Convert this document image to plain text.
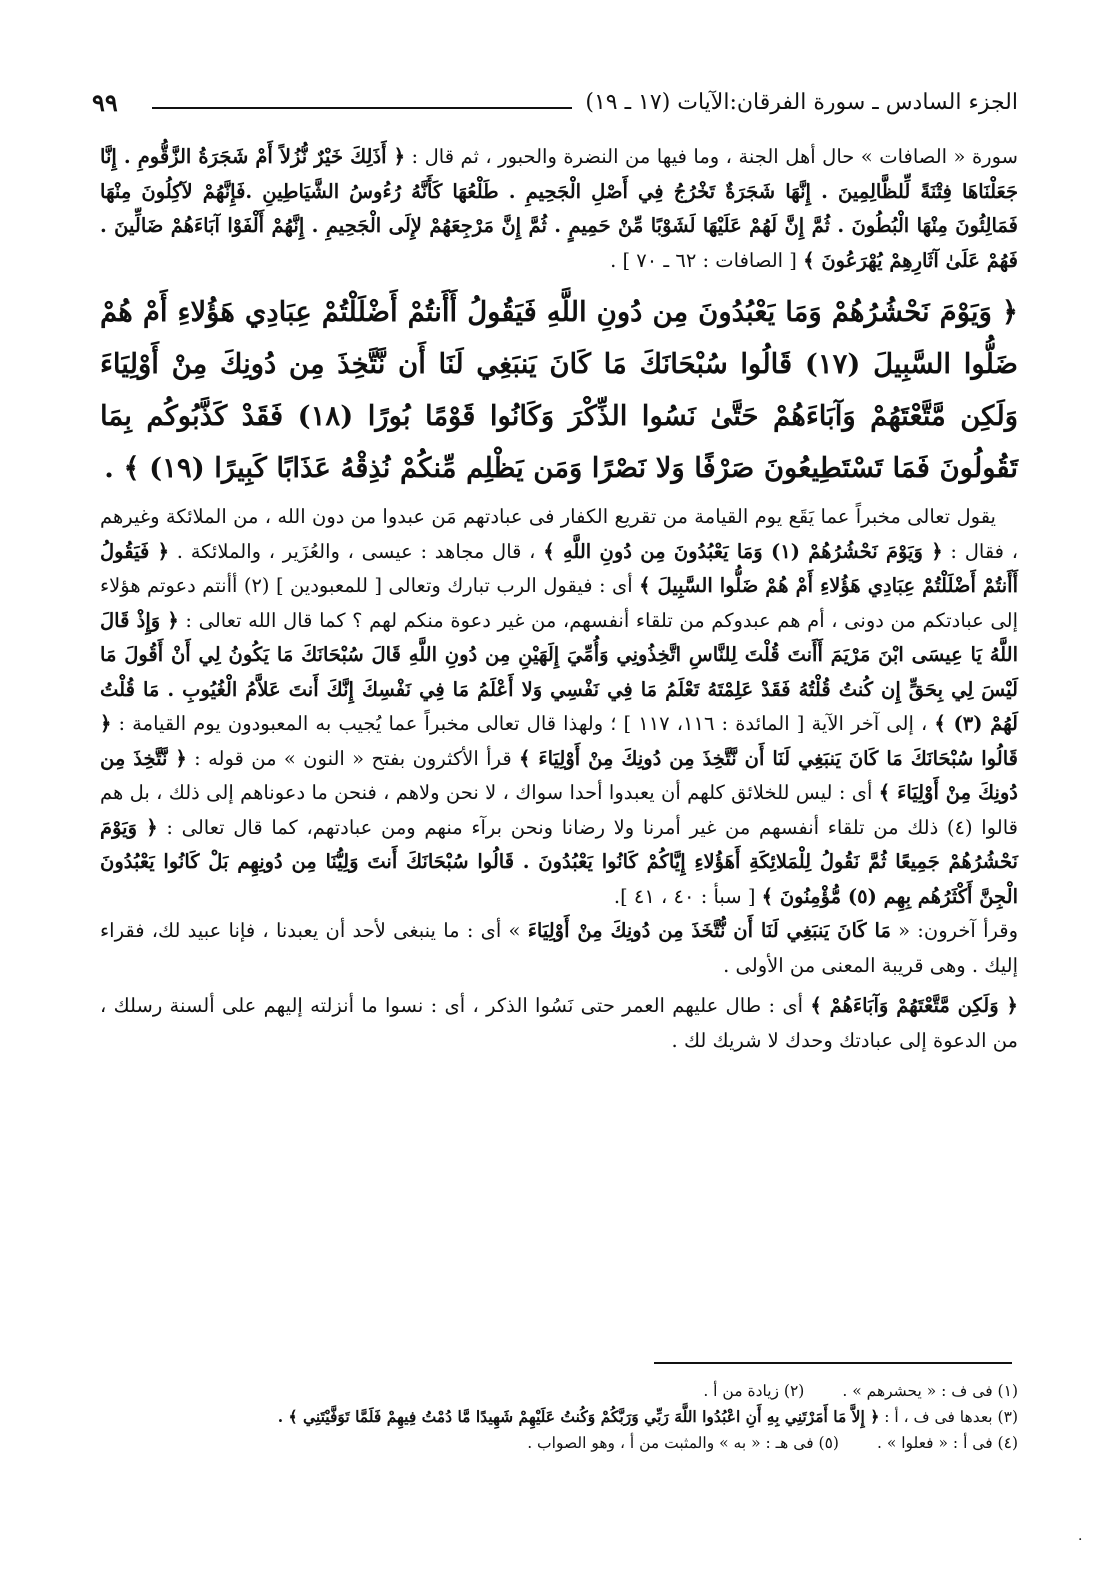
الجزء السادس ـ سورة الفرقان:الآيات (١٧ ـ ١٩)
٩٩

سورة « الصافات » حال أهل الجنة ، وما فيها من النضرة والحبور ، ثم قال : ﴿ أَذَلِكَ خَيْرٌ نُّزُلاً أَمْ شَجَرَةُ الزَّقُّومِ . إِنَّا جَعَلْنَاهَا فِتْنَةً لِّلظَّالِمِينَ . إِنَّهَا شَجَرَةٌ تَخْرُجُ فِي أَصْلِ الْجَحِيمِ . طَلْعُهَا كَأَنَّهُ رُءُوسُ الشَّيَاطِينِ .فَإِنَّهُمْ لآكِلُونَ مِنْهَا فَمَالِئُونَ مِنْهَا الْبُطُونَ . ثُمَّ إِنَّ لَهُمْ عَلَيْهَا لَشَوْبًا مِّنْ حَمِيمٍ . ثُمَّ إِنَّ مَرْجِعَهُمْ لإِلَى الْجَحِيمِ . إِنَّهُمْ أَلْفَوْا آبَاءَهُمْ ضَالِّينَ . فَهُمْ عَلَىٰ آثَارِهِمْ يُهْرَعُونَ ﴾ [ الصافات : ٦٢ ـ ٧٠ ] .

﴿ وَيَوْمَ نَحْشُرُهُمْ وَمَا يَعْبُدُونَ مِن دُونِ اللَّهِ فَيَقُولُ أَأَنتُمْ أَضْلَلْتُمْ عِبَادِي هَؤُلاءِ أَمْ هُمْ ضَلُّوا السَّبِيلَ (١٧) قَالُوا سُبْحَانَكَ مَا كَانَ يَنبَغِي لَنَا أَن نَّتَّخِذَ مِن دُونِكَ مِنْ أَوْلِيَاءَ وَلَكِن مَّتَّعْتَهُمْ وَآبَاءَهُمْ حَتَّىٰ نَسُوا الذِّكْرَ وَكَانُوا قَوْمًا بُورًا (١٨) فَقَدْ كَذَّبُوكُم بِمَا تَقُولُونَ فَمَا تَسْتَطِيعُونَ صَرْفًا وَلا نَصْرًا وَمَن يَظْلِم مِّنكُمْ نُذِقْهُ عَذَابًا كَبِيرًا (١٩) ﴾ .

يقول تعالى مخبراً عما يَقَع يوم القيامة من تقريع الكفار فى عبادتهم مَن عبدوا من دون الله ، من الملائكة وغيرهم ، فقال : ﴿ وَيَوْمَ نَحْشُرُهُمْ (١) وَمَا يَعْبُدُونَ مِن دُونِ اللَّهِ ﴾ ، قال مجاهد : عيسى ، والعُزَير ، والملائكة . ﴿ فَيَقُولُ أَأَنتُمْ أَضْلَلْتُمْ عِبَادِي هَؤُلاءِ أَمْ هُمْ ضَلُّوا السَّبِيلَ ﴾ أى : فيقول الرب تبارك وتعالى [ للمعبودين ] (٢) أأنتم دعوتم هؤلاء إلى عبادتكم من دونى ، أم هم عبدوكم من تلقاء أنفسهم، من غير دعوة منكم لهم ؟ كما قال الله تعالى : ﴿ وَإِذْ قَالَ اللَّهُ يَا عِيسَى ابْنَ مَرْيَمَ أَأَنتَ قُلْتَ لِلنَّاسِ اتَّخِذُونِي وَأُمِّيَ إِلَهَيْنِ مِن دُونِ اللَّهِ قَالَ سُبْحَانَكَ مَا يَكُونُ لِي أَنْ أَقُولَ مَا لَيْسَ لِي بِحَقٍّ إِن كُنتُ قُلْتُهُ فَقَدْ عَلِمْتَهُ تَعْلَمُ مَا فِي نَفْسِي وَلا أَعْلَمُ مَا فِي نَفْسِكَ إِنَّكَ أَنتَ عَلاَّمُ الْغُيُوبِ . مَا قُلْتُ لَهُمْ (٣) ﴾ ، إلى آخر الآية [ المائدة : ١١٦، ١١٧ ] ؛ ولهذا قال تعالى مخبراً عما يُجيب به المعبودون يوم القيامة : ﴿ قَالُوا سُبْحَانَكَ مَا كَانَ يَنبَغِي لَنَا أَن نَّتَّخِذَ مِن دُونِكَ مِنْ أَوْلِيَاءَ ﴾ قرأ الأكثرون بفتح « النون » من قوله : ﴿ نَّتَّخِذَ مِن دُونِكَ مِنْ أَوْلِيَاءَ ﴾ أى : ليس للخلائق كلهم أن يعبدوا أحدا سواك ، لا نحن ولاهم ، فنحن ما دعوناهم إلى ذلك ، بل هم قالوا (٤) ذلك من تلقاء أنفسهم من غير أمرنا ولا رضانا ونحن برآء منهم ومن عبادتهم، كما قال تعالى : ﴿ وَيَوْمَ نَحْشُرُهُمْ جَمِيعًا ثُمَّ نَقُولُ لِلْمَلائِكَةِ أَهَؤُلاءِ إِيَّاكُمْ كَانُوا يَعْبُدُونَ . قَالُوا سُبْحَانَكَ أَنتَ وَلِيُّنَا مِن دُونِهِم بَلْ كَانُوا يَعْبُدُونَ الْجِنَّ أَكْثَرُهُم بِهِم (٥) مُّؤْمِنُونَ ﴾ [ سبأ : ٤٠ ، ٤١ ].

وقرأ آخرون: « مَا كَانَ يَنبَغِي لَنَا أَن نُّتَّخَذَ مِن دُونِكَ مِنْ أَوْلِيَاءَ » أى : ما ينبغى لأحد أن يعبدنا ، فإنا عبيد لك، فقراء إليك . وهى قريبة المعنى من الأولى .

﴿ وَلَكِن مَّتَّعْتَهُمْ وَآبَاءَهُمْ ﴾ أى : طال عليهم العمر حتى نَسُوا الذكر ، أى : نسوا ما أنزلته إليهم على ألسنة رسلك ، من الدعوة إلى عبادتك وحدك لا شريك لك .

(١) فى ف : « يحشرهم » .(٢) زيادة من أ .

(٣) بعدها فى ف ، أ : ﴿ إِلاَّ مَا أَمَرْتَنِي بِهِ أَنِ اعْبُدُوا اللَّهَ رَبِّي وَرَبَّكُمْ وَكُنتُ عَلَيْهِمْ شَهِيدًا مَّا دُمْتُ فِيهِمْ فَلَمَّا تَوَفَّيْتَنِي ﴾ .

(٤) فى أ : « فعلوا » .(٥) فى هـ : « به » والمثبت من أ ، وهو الصواب .

·
